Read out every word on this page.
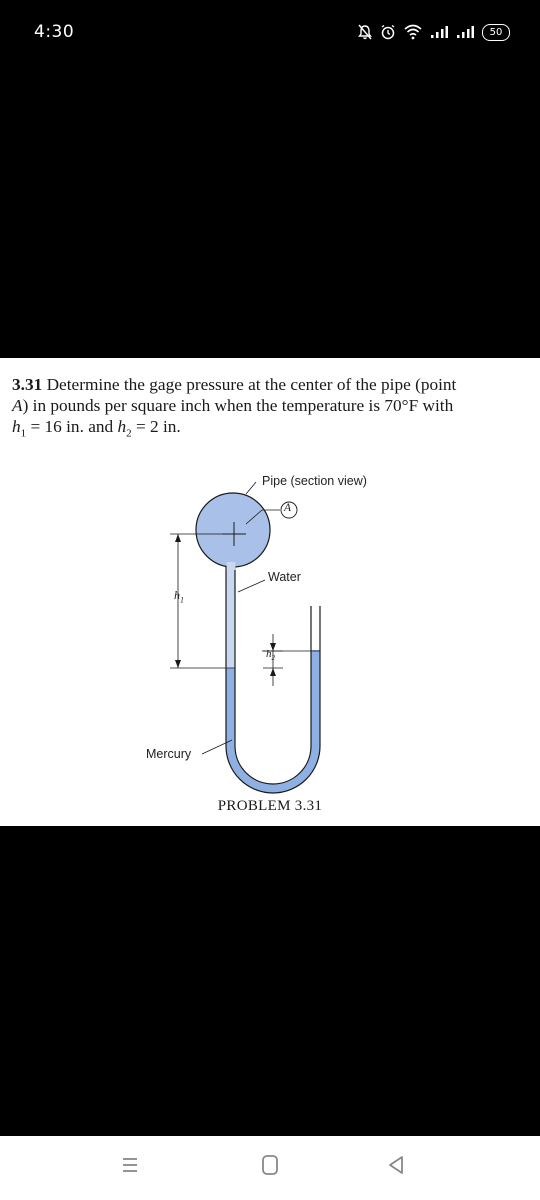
4:30	50
3.31 Determine the gage pressure at the center of the pipe (point
A) in pounds per square inch when the temperature is 70°F with
$h_1 = 16$ in. and $h_2 = 2$ in.
Pipe (section view)
A
Water
Mercury
$h_1$
$h_2$
PROBLEM 3.31
